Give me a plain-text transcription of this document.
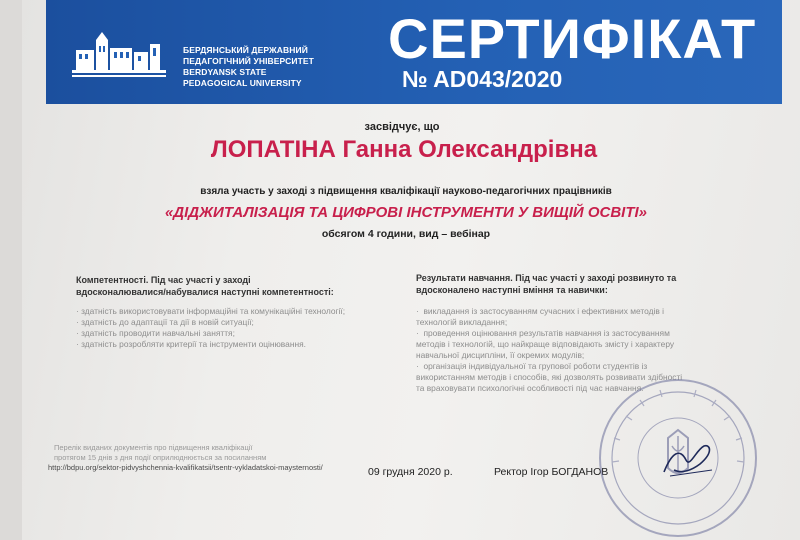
БЕРДЯНСЬКИЙ ДЕРЖАВНИЙ
ПЕДАГОГІЧНИЙ УНІВЕРСИТЕТ
BERDYANSK STATE
PEDAGOGICAL UNIVERSITY
СЕРТИФІКАТ
№ AD043/2020
засвідчує, що
ЛОПАТІНА Ганна Олександрівна
взяла участь у заході з підвищення кваліфікації науково-педагогічних працівників
«ДІДЖИТАЛІЗАЦІЯ ТА ЦИФРОВІ ІНСТРУМЕНТИ У ВИЩІЙ ОСВІТІ»
обсягом 4 години, вид – вебінар
Компетентності. Під час участі у заході
вдосконалювалися/набувалися наступні компетентності:
· здатність використовувати інформаційні та комунікаційні технології;
· здатність до адаптації та дії в новій ситуації;
· здатність проводити навчальні заняття;
· здатність розробляти критерії та інструменти оцінювання.
Результати навчання. Під час участі у заході розвинуто та
вдосконалено наступні вміння та навички:
·  викладання із застосуванням сучасних і ефективних методів і
технологій викладання;
·  проведення оцінювання результатів навчання із застосуванням
методів і технологій, що найкраще відповідають змісту і характеру
навчальної дисципліни, її окремих модулів;
·  організація індивідуальної та групової роботи студентів із
використанням методів і способів, які дозволять розвивати здібності
та враховувати психологічні особливості під час навчання.
Перелік виданих документів про підвищення кваліфікації
протягом 15 днів з дня події оприлюднюється за посиланням
http://bdpu.org/sektor-pidvyshchennia-kvalifikatsii/tsentr-vykladatskoi-maysternosti/	09 грудня 2020 р.	Ректор Ігор БОГДАНОВ
